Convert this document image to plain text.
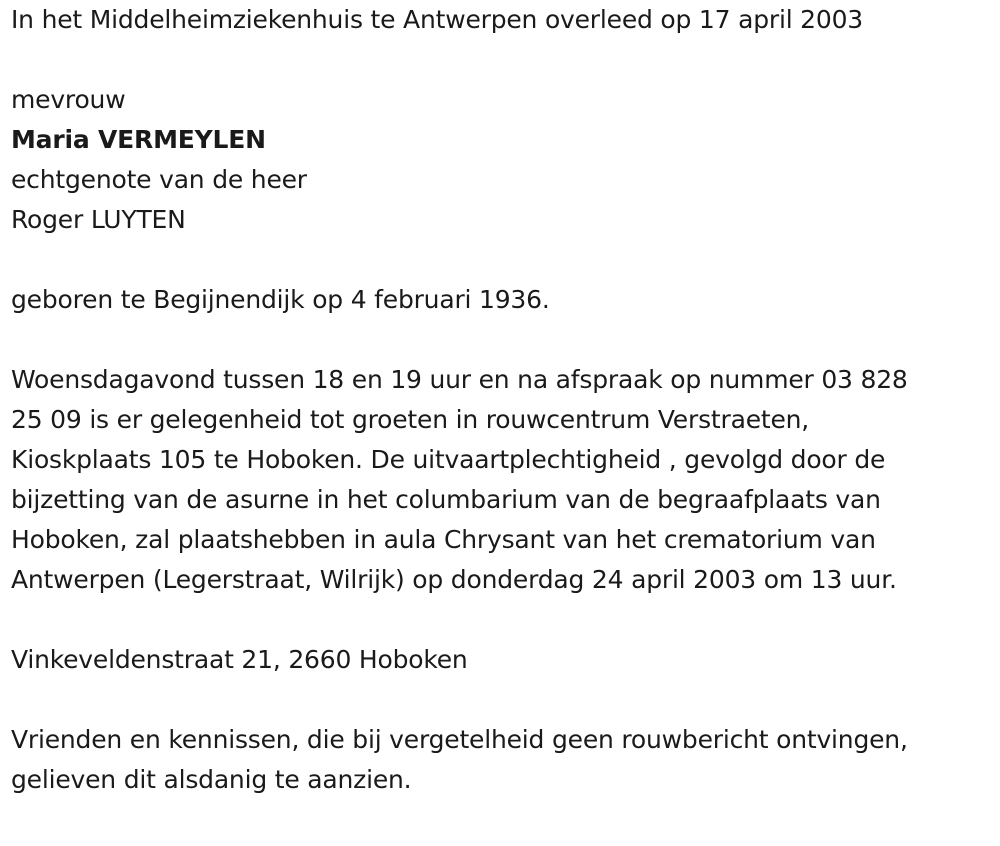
In het Middelheimziekenhuis te Antwerpen overleed op 17 april 2003
mevrouw
Maria VERMEYLEN
echtgenote van de heer
Roger LUYTEN
geboren te Begijnendijk op 4 februari 1936.
Woensdagavond tussen 18 en 19 uur en na afspraak op nummer 03 828
25 09 is er gelegenheid tot groeten in rouwcentrum Verstraeten,
Kioskplaats 105 te Hoboken. De uitvaartplechtigheid , gevolgd door de
bijzetting van de asurne in het columbarium van de begraafplaats van
Hoboken, zal plaatshebben in aula Chrysant van het crematorium van
Antwerpen (Legerstraat, Wilrijk) op donderdag 24 april 2003 om 13 uur.
Vinkeveldenstraat 21, 2660 Hoboken
Vrienden en kennissen, die bij vergetelheid geen rouwbericht ontvingen,
gelieven dit alsdanig te aanzien.
